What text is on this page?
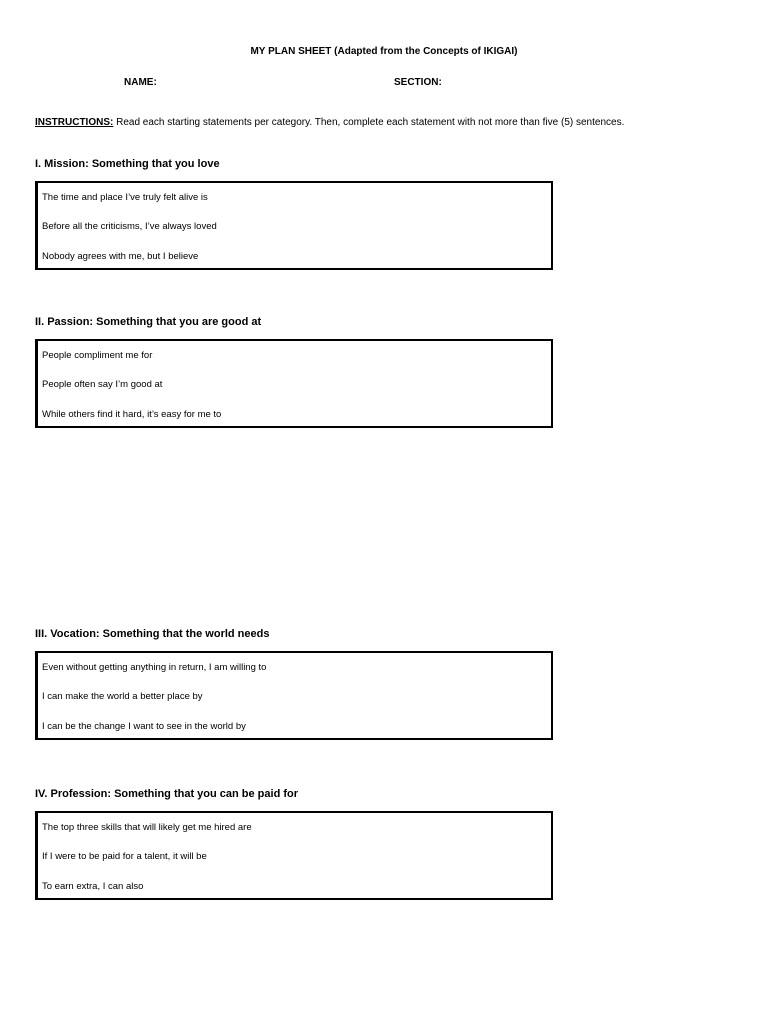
MY PLAN SHEET (Adapted from the Concepts of IKIGAI)
NAME:	SECTION:
INSTRUCTIONS: Read each starting statements per category. Then, complete each statement with not more than five (5) sentences.
I. Mission: Something that you love
The time and place I’ve truly felt alive is
Before all the criticisms, I’ve always loved
Nobody agrees with me, but I believe
II. Passion: Something that you are good at
People compliment me for
People often say I’m good at
While others find it hard, it’s easy for me to
III. Vocation: Something that the world needs
Even without getting anything in return, I am willing to
I can make the world a better place by
I can be the change I want to see in the world by
IV. Profession: Something that you can be paid for
The top three skills that will likely get me hired are
If I were to be paid for a talent, it will be
To earn extra, I can also
